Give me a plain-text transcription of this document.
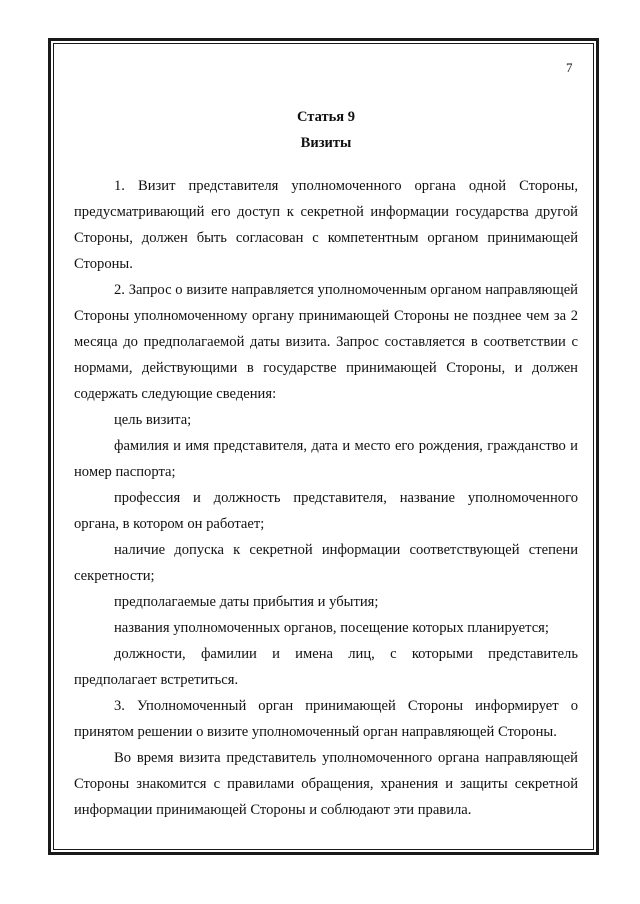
7
Статья 9
Визиты

1. Визит представителя уполномоченного органа одной Стороны, предусматривающий его доступ к секретной информации государства другой Стороны, должен быть согласован с компетентным органом принимающей Стороны.

2. Запрос о визите направляется уполномоченным органом направляющей Стороны уполномоченному органу принимающей Стороны не позднее чем за 2 месяца до предполагаемой даты визита. Запрос составляется в соответствии с нормами, действующими в государстве принимающей Стороны, и должен содержать следующие сведения:

цель визита;

фамилия и имя представителя, дата и место его рождения, гражданство и номер паспорта;

профессия и должность представителя, название уполномоченного органа, в котором он работает;

наличие допуска к секретной информации соответствующей степени секретности;

предполагаемые даты прибытия и убытия;

названия уполномоченных органов, посещение которых планируется;

должности, фамилии и имена лиц, с которыми представитель предполагает встретиться.

3. Уполномоченный орган принимающей Стороны информирует о принятом решении о визите уполномоченный орган направляющей Стороны.

Во время визита представитель уполномоченного органа направляющей Стороны знакомится с правилами обращения, хранения и защиты секретной информации принимающей Стороны и соблюдают эти правила.
